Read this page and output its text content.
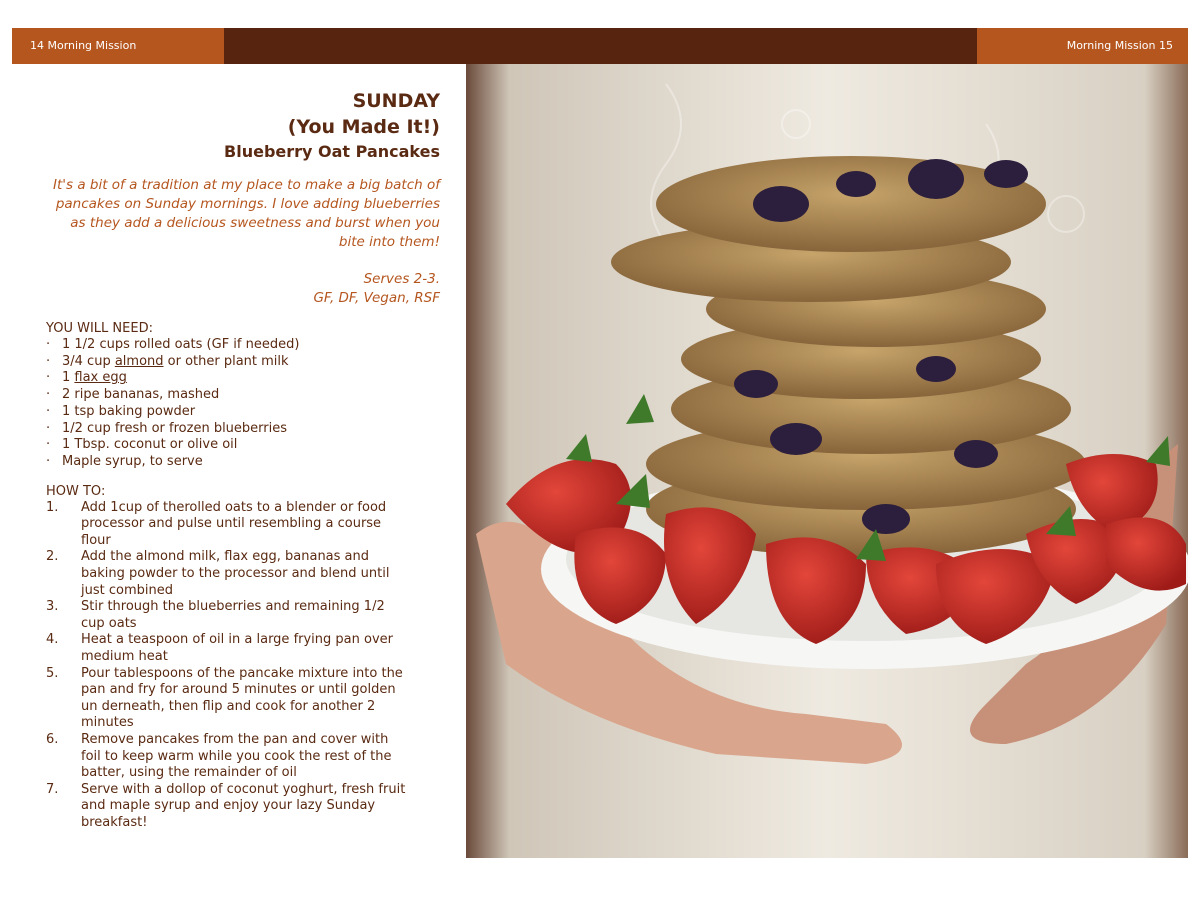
14 Morning Mission	Morning Mission 15
SUNDAY
(You Made It!)
Blueberry Oat Pancakes
It's a bit of a tradition at my place to make a big batch of pancakes on Sunday mornings. I love adding blueberries as they add a delicious sweetness and burst when you bite into them!
Serves 2-3.
GF, DF, Vegan, RSF
YOU WILL NEED:
· 1 1/2 cups rolled oats (GF if needed)
· 3/4 cup almond or other plant milk
· 1 flax egg
· 2 ripe bananas, mashed
· 1 tsp baking powder
· 1/2 cup fresh or frozen blueberries
· 1 Tbsp. coconut or olive oil
· Maple syrup, to serve
HOW TO:
1.	Add 1cup of therolled oats to a blender or food processor and pulse until resembling a course flour
2.	Add the almond milk, flax egg, bananas and baking powder to the processor and blend until just combined
3.	Stir through the blueberries and remaining 1/2 cup oats
4.	Heat a teaspoon of oil in a large frying pan over medium heat
5.	Pour tablespoons of the pancake mixture into the pan and fry for around 5 minutes or until golden un derneath, then flip and cook for another 2 minutes
6.	Remove pancakes from the pan and cover with foil to keep warm while you cook the rest of the batter, using the remainder of oil
7.	Serve with a dollop of coconut yoghurt, fresh fruit and maple syrup and enjoy your lazy Sunday breakfast!
